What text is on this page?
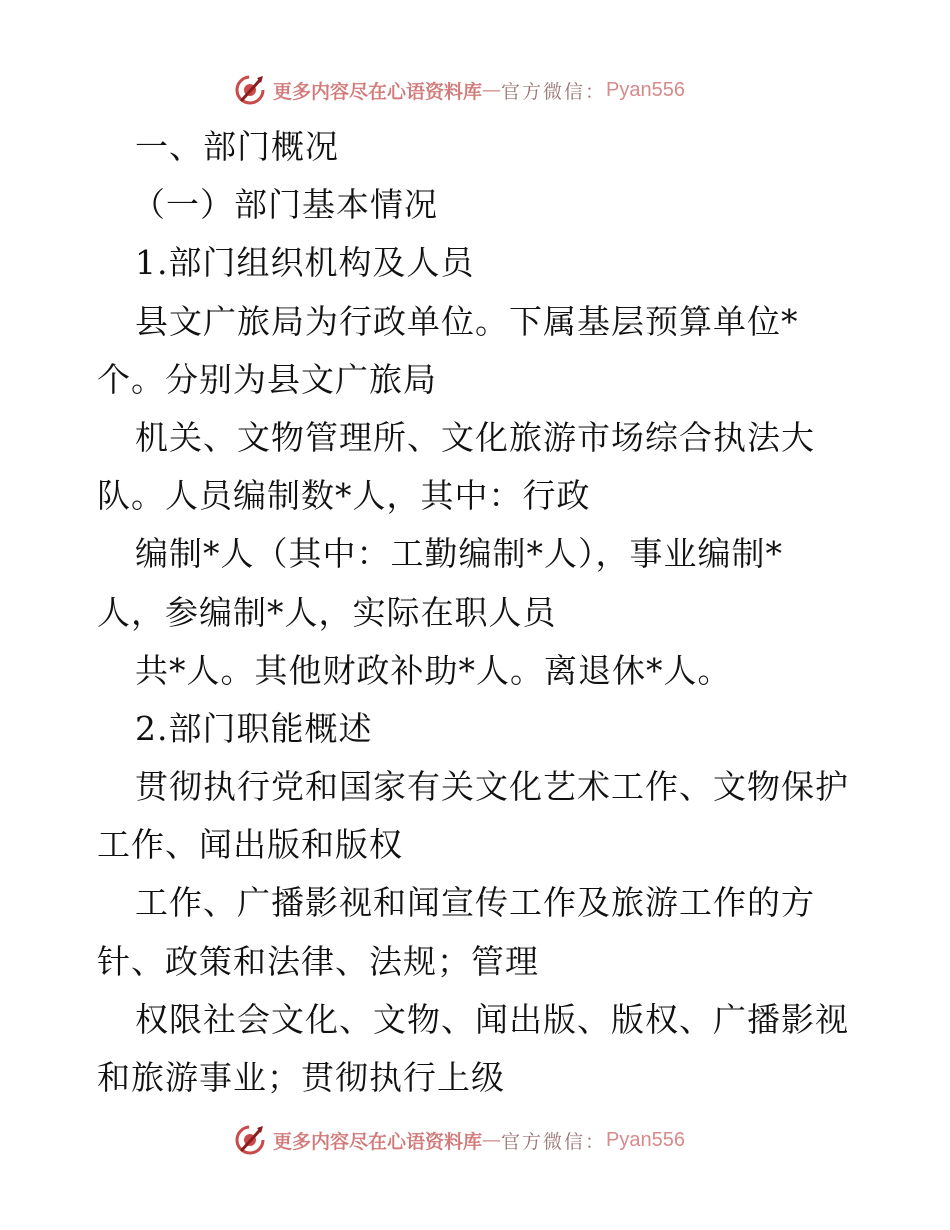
更多内容尽在心语资料库 — 官方微信： Pyan556
一、部门概况
（一）部门基本情况
1.部门组织机构及人员
县文广旅局为行政单位。下属基层预算单位*
个。分别为县文广旅局
机关、文物管理所、文化旅游市场综合执法大
队。人员编制数*人，其中：行政
编制*人（其中：工勤编制*人），事业编制*
人，参编制*人，实际在职人员
共*人。其他财政补助*人。离退休*人。
2.部门职能概述
贯彻执行党和国家有关文化艺术工作、文物保护
工作、闻出版和版权
工作、广播影视和闻宣传工作及旅游工作的方
针、政策和法律、法规；管理
权限社会文化、文物、闻出版、版权、广播影视
和旅游事业；贯彻执行上级
更多内容尽在心语资料库 — 官方微信： Pyan556
